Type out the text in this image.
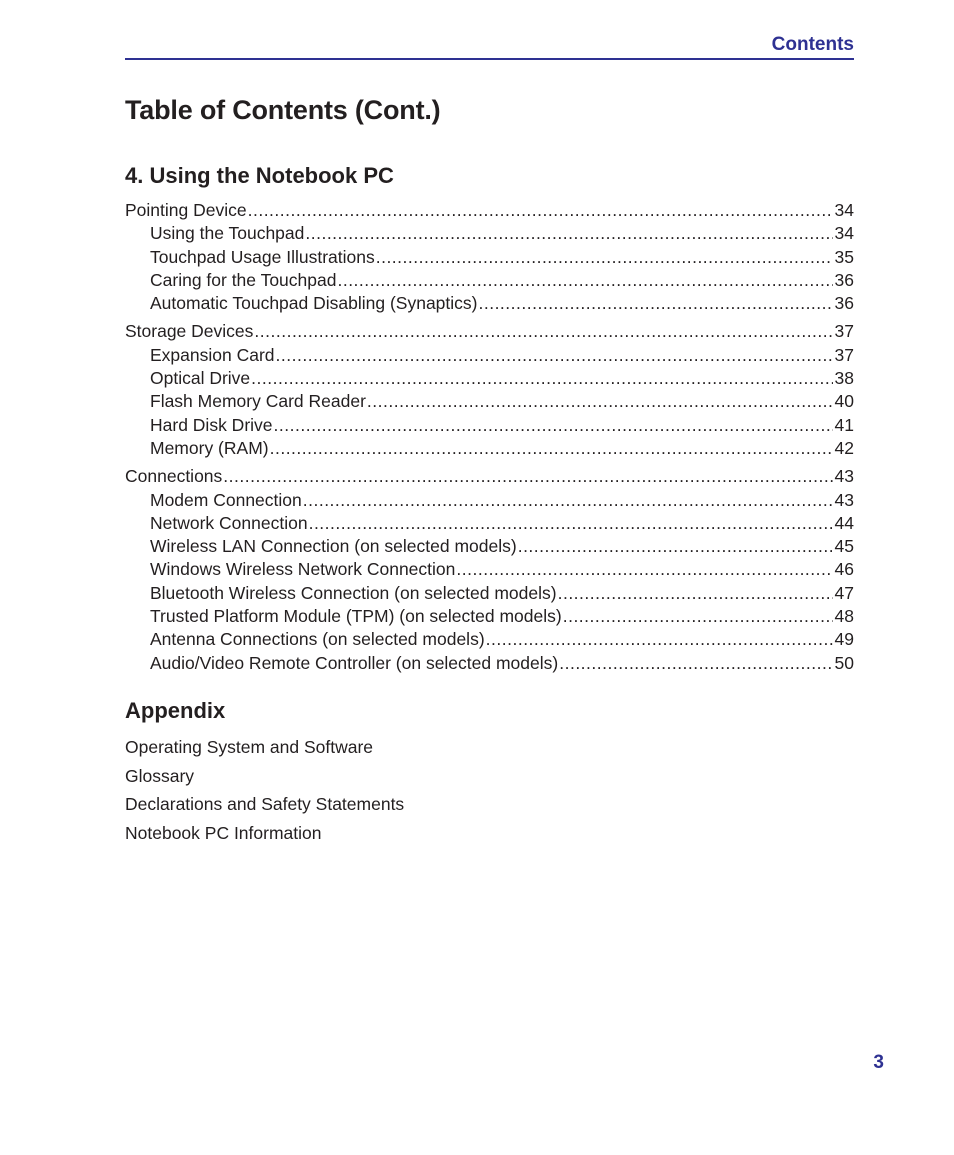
Contents
Table of Contents (Cont.)
4. Using the Notebook PC
Pointing Device .....	34
Using the Touchpad .....	34
Touchpad Usage Illustrations .....	35
Caring for the Touchpad .....	36
Automatic Touchpad Disabling (Synaptics) .....	36
Storage Devices .....	37
Expansion Card .....	37
Optical Drive .....	38
Flash Memory Card Reader .....	40
Hard Disk Drive .....	41
Memory (RAM) .....	42
Connections .....	43
Modem Connection .....	43
Network Connection .....	44
Wireless LAN Connection (on selected models) .....	45
Windows Wireless Network Connection .....	46
Bluetooth Wireless Connection (on selected models) .....	47
Trusted Platform Module (TPM) (on selected models) .....	48
Antenna Connections (on selected models) .....	49
Audio/Video Remote Controller (on selected models) .....	50
Appendix
Operating System and Software
Glossary
Declarations and Safety Statements
Notebook PC Information
3
